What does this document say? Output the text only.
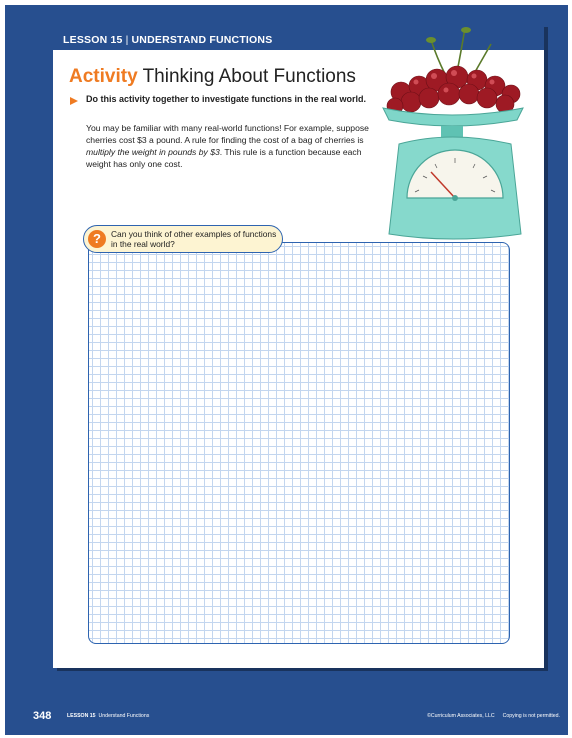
LESSON 15 | UNDERSTAND FUNCTIONS
Activity Thinking About Functions
Do this activity together to investigate functions in the real world.
You may be familiar with many real-world functions! For example, suppose cherries cost $3 a pound. A rule for finding the cost of a bag of cherries is multiply the weight in pounds by $3. This rule is a function because each weight has only one cost.
?	Can you think of other examples of functions in the real world?
348	LESSON 15 Understand Functions	©Curriculum Associates, LLC Copying is not permitted.
